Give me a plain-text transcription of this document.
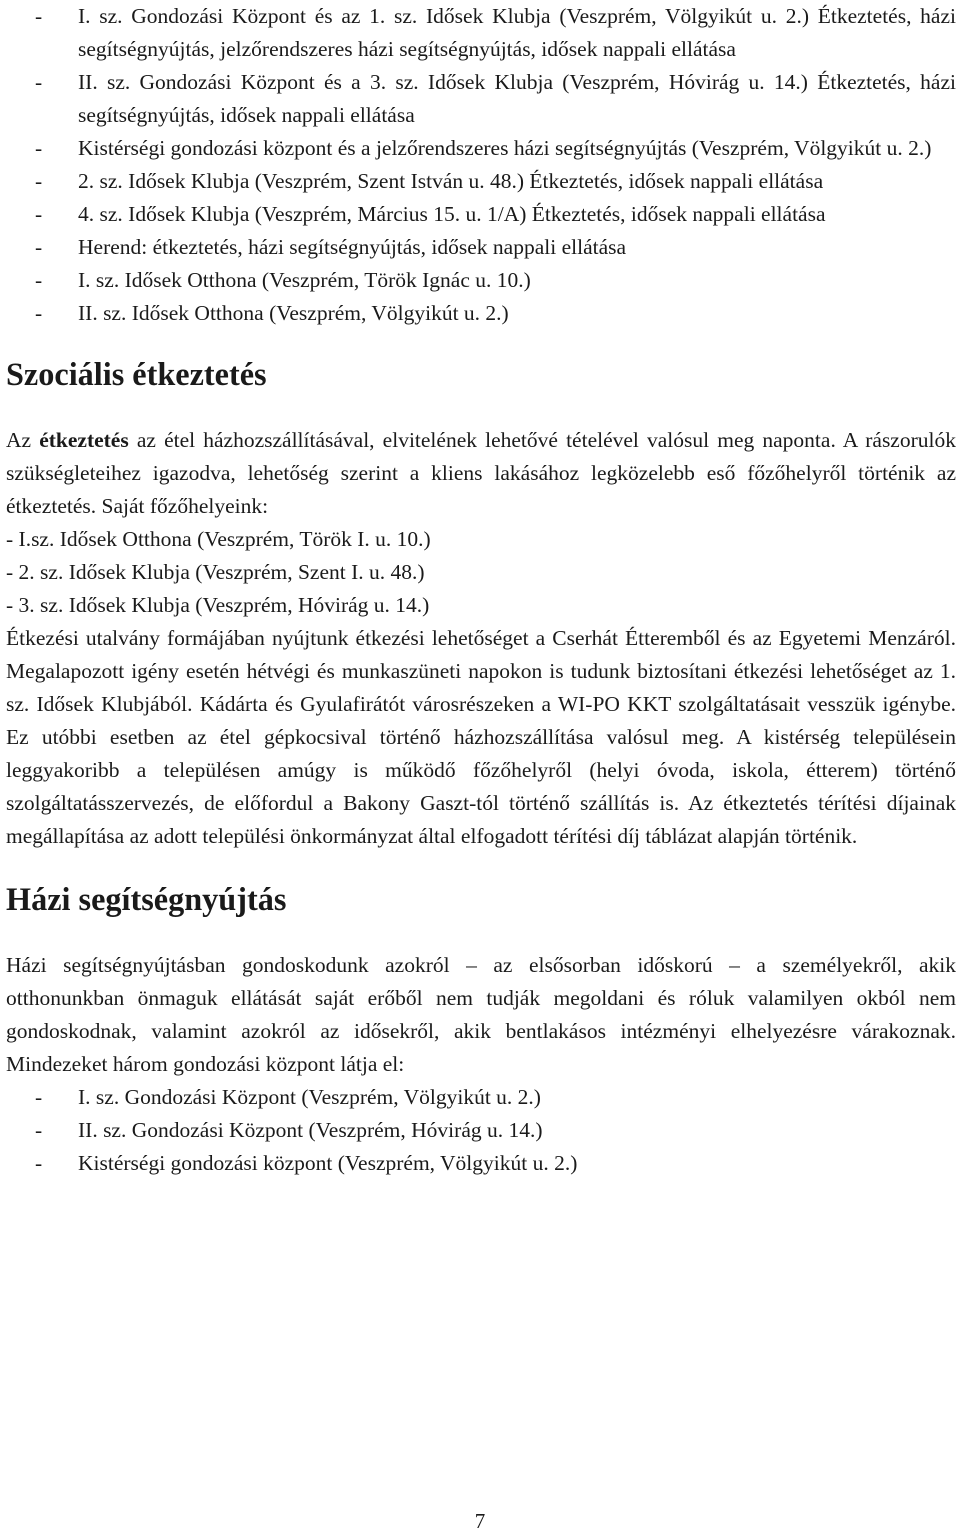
-	I. sz. Gondozási Központ és az 1. sz. Idősek Klubja (Veszprém, Völgyikút u. 2.) Étkeztetés, házi segítségnyújtás, jelzőrendszeres házi segítségnyújtás, idősek nappali ellátása
-	II. sz. Gondozási Központ és a 3. sz. Idősek Klubja (Veszprém, Hóvirág u. 14.) Étkeztetés, házi segítségnyújtás, idősek nappali ellátása
-	Kistérségi gondozási központ és a jelzőrendszeres házi segítségnyújtás (Veszprém, Völgyikút u. 2.)
-	2. sz. Idősek Klubja (Veszprém, Szent István u. 48.) Étkeztetés, idősek nappali ellátása
-	4. sz. Idősek Klubja (Veszprém, Március 15. u. 1/A) Étkeztetés, idősek nappali ellátása
-	Herend: étkeztetés, házi segítségnyújtás, idősek nappali ellátása
-	I. sz. Idősek Otthona (Veszprém, Török Ignác u. 10.)
-	II. sz. Idősek Otthona (Veszprém, Völgyikút u. 2.)
Szociális étkeztetés

Az étkeztetés az étel házhozszállításával, elvitelének lehetővé tételével valósul meg naponta. A rászorulók szükségleteihez igazodva, lehetőség szerint a kliens lakásához legközelebb eső főzőhelyről történik az étkeztetés. Saját főzőhelyeink:

- I.sz. Idősek Otthona (Veszprém, Török I. u. 10.)
- 2. sz. Idősek Klubja (Veszprém, Szent I. u. 48.)
- 3. sz. Idősek Klubja (Veszprém, Hóvirág u. 14.)

Étkezési utalvány formájában nyújtunk étkezési lehetőséget a Cserhát Étteremből és az Egyetemi Menzáról. Megalapozott igény esetén hétvégi és munkaszüneti napokon is tudunk biztosítani étkezési lehetőséget az 1. sz. Idősek Klubjából. Kádárta és Gyulafirátót városrészeken a WI-PO KKT szolgáltatásait vesszük igénybe. Ez utóbbi esetben az étel gépkocsival történő házhozszállítása valósul meg. A kistérség településein leggyakoribb a településen amúgy is működő főzőhelyről (helyi óvoda, iskola, étterem) történő szolgáltatásszervezés, de előfordul a Bakony Gaszt-tól történő szállítás is. Az étkeztetés térítési díjainak megállapítása az adott települési önkormányzat által elfogadott térítési díj táblázat alapján történik.

Házi segítségnyújtás

Házi segítségnyújtásban gondoskodunk azokról – az elsősorban időskorú – a személyekről, akik otthonunkban önmaguk ellátását saját erőből nem tudják megoldani és róluk valamilyen okból nem gondoskodnak, valamint azokról az idősekről, akik bentlakásos intézményi elhelyezésre várakoznak. Mindezeket három gondozási központ látja el:

-	I. sz. Gondozási Központ (Veszprém, Völgyikút u. 2.)
-	II. sz. Gondozási Központ (Veszprém, Hóvirág u. 14.)
-	Kistérségi gondozási központ (Veszprém, Völgyikút u. 2.)
7
